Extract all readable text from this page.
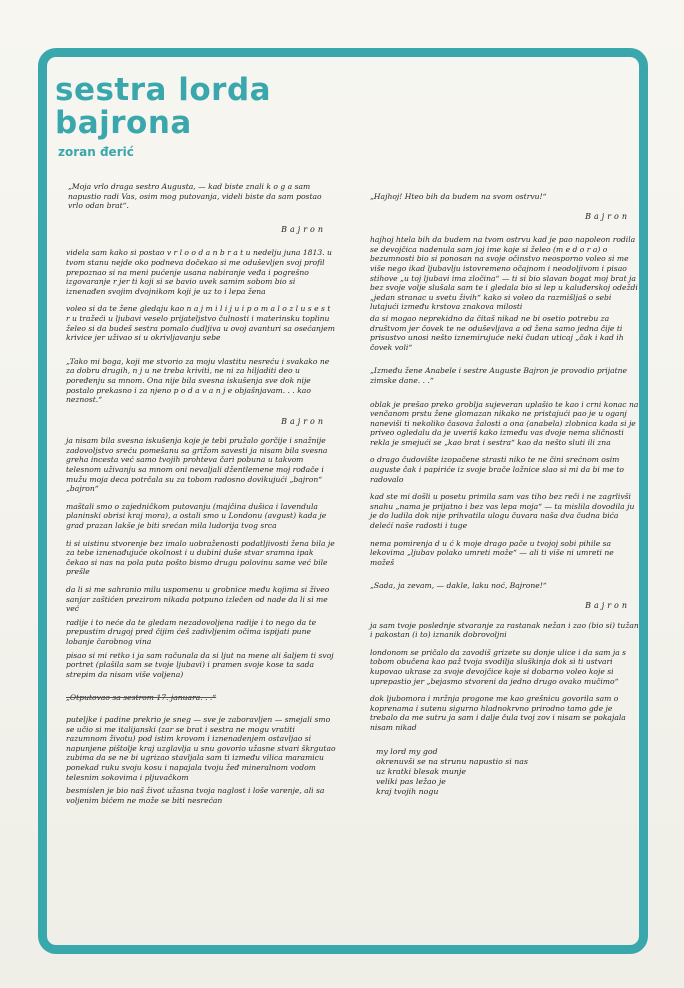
sestra lorda
bajrona
zoran đerić

„Moja vrlo draga sestro Augusta, — kad biste znali k o g a sam napustio radi Vas, osim mog putovanja, videli biste da sam postao vrlo odan brat“.

Bajron

videla sam kako si postao v r l o o d a n b r a t u nedelju juna 1813. u tvom stanu nejde oko podneva dočekao si me oduševljen svoj profil prepoznao si na meni pućenje usana nabiranje veđa i pogrešno izgovaranje r jer ti koji si se bavio uvek samim sobom bio si iznenađen svojim dvojnikom koji je uz to i lepa žena

voleo si da te žene gledaju kao n a j m i l i j u i p o m a l o z l u s e s t r u tražeći u ljubavi veselo prijateljstvo čulnosti i materinsku toplinu želeo si da budeš sestra pomalo ćudljiva u ovoj avanturi sa osećanjem krivice jer uživao si u okrivljavanju sebe

„Tako mi boga, koji me stvorio za moju vlastitu nesreću i svakako ne za dobru drugih, n j u ne treba kriviti, ne ni za hiljaditi deo u poređenju sa mnom. Ona nije bila svesna iskušenja sve dok nije postalo prekasno i za njeno p o d a v a n j e objašnjavam. . . kao neznost.“

Bajron

ja nisam bila svesna iskušenja koje je tebi pružalo gorčije i snažnije zadovoljstvo sreću pomešanu sa grižom savesti ja nisam bila svesna greha incesta već samo tvojih prohteva čari pobuna u takvom telesnom uživanju sa mnom oni nevaljali džentlemene moj rođače i mužu moja deca potrčala su za tobom radosno dovikujući „bajron“ „bajron“

maštali smo o zajedničkom putovanju (majčina dušica i lavendula planinski obrisi kraj mora), a ostali smo u Londonu (avgust) kada je grad prazan lakše je biti srećan mila ludorija tvog srca

ti si uistinu stvorenje bez imalo uobraženosti podatljivosti žena bila je za tebe iznenađujuće okolnost i u dubini duše stvar sramna ipak čekao si nas na pola puta pošto bismo drugu polovinu same već bile prešle

da li si me sahranio milu uspomenu u grobnice među kojima si živeo sanjar zaštićen prezirom nikada potpuno izlečen od nade da li si me već

radije i to neće da te gledam nezadovoljena radije i to nego da te prepustim drugoj pred čijim ćeš zadivljenim očima ispijati pune lobanje čarobnog vina

pisao si mi retko i ja sam računala da si ljut na mene ali šaljem ti svoj portret (plašila sam se tvoje ljubavi) i pramen svoje kose ta sada strepim da nisam više voljena)

„Otputovao sa sestrom 17. januara. . .“

puteljke i padine prekrio je sneg — sve je zaboravljen — smejali smo se učio si me italijanski (zar se brat i sestra ne mogu vratiti razumnom životu) pod istim krovom i iznenadenjem ostavljao si napunjene pištolje kraj uzglavlja u snu govorio užasne stvari škrgutao zubima da se ne bi ugrizao stavljala sam ti između vilica maramicu ponekad ruku svoju kosu i napajala tvoju žeđ mineralnom vodom telesnim sokovima i pljuvačkom

besmislen je bio naš život užasna tvoja naglost i loše varenje, ali sa voljenim bićem ne može se biti nesrećan

„Hajhoj! Hteo bih da budem na svom ostrvu!“

Bajron

hajhoj htela bih da budem na tvom ostrvu kad je pao napoleon rodila se devojčica nadenula sam joj ime koje si želeo (m e d o r a) o bezumnosti bio si ponosan na svoje očinstvo neosporno voleo si me više nego ikad ljubavlju istovremeno očajnom i neodoljivom i pisao stihove „u toj ljubavi ima zločina“ — ti si bio slavan bogat moj brat ja bez svoje volje slušala sam te i gledala bio si lep u kaluđerskoj odeždi „jedan stranac u svetu živih“ kako si voleo da razmišljaš o sebi lutajući između krstova znakova milosti

da si mogao neprekidno da čitaš nikad ne bi osetio potrebu za društvom jer čovek te ne oduševljava a od žena samo jedna čije ti prisustvo unosi nešto iznemirujuće neki čudan uticaj „čak i kad ih čovek voli“

„Između žene Anabele i sestre Auguste Bajron je provodio prijatne zimske dane. . .“

oblak je prešao preko groblja sujeveran uplašio te kao i crni konac na venčanom prstu žene glomazan nikako ne pristajući pao je u oganj naneviši ti nekoliko časova žalosti a ona (anabela) zlobnica kada si je priveo ogledalu da je uveriš kako između vas dvoje nema sličnosti rekla je smejući se „kao brat i sestra“ kao da nešto sluti ili zna

o drago čudovište izopačene strasti niko te ne čini srećnom osim auguste čak i papiriće iz svoje brače ložnice slao si mi da bi me to radovalo

kad ste mi došli u posetu primila sam vas tiho bez reči i ne zagrlivši snahu „nama je prijatno i bez vas lepa moja“ — ta mislila dovodila ju je do ludila dok nije prihvatila ulogu čuvara naša dva čudna bića delećí naše radosti i tuge

nema pomirenja d u ć k moje drago pače u tvojoj sobi pihile sa lekovima „ljubav polako umreti može“ — ali ti više ni umreti ne možeš

„Sada, ja zevam, — dakle, laku noć, Bajrone!“

Bajron

ja sam tvoje poslednje stvaranje za rastanak nežan i zao (bio si) tužan i pakostan (i to) iznanik dobrovoljni

londonom se pričalo da zavodiš grizete su donje ulice i da sam ja s tobom obučena kao paž tvoja svodilja sluškinja dok si ti ustvari kupovao ukrase za svoje devojčice koje si dobarno voleo koje si uprepastio jer „bejasmo stvoreni da jedno drugo ovako mučimo“

dok ljubomora i mržnja progone me kao grešnicu govorila sam o koprenama i sutenu sigurno hladnokrvno prirodno tamo gde je trebalo da me sutru ja sam i dalje čula tvoj zov i nisam se pokajala nisam nikad

my lord my god
okrenuvši se na strunu napustio si nas
uz kratki blesak munje
veliki pas ležao je
kraj tvojih nogu
